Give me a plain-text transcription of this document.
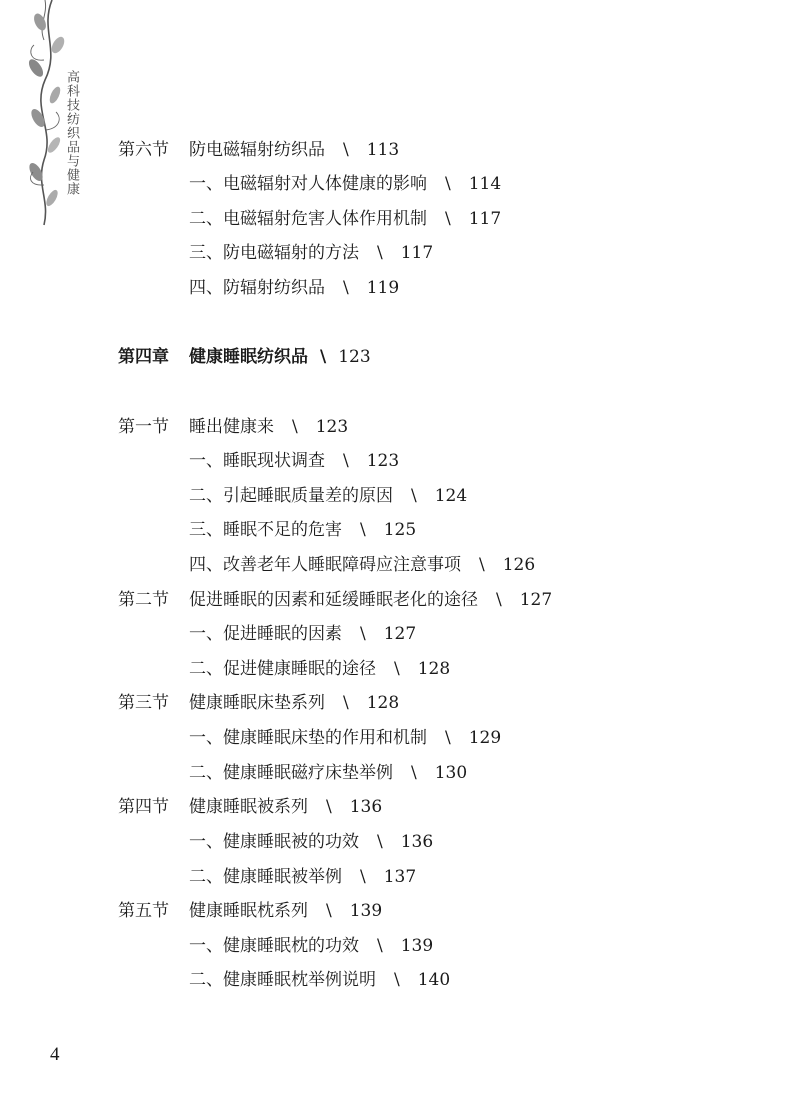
高科技纺织品与健康 第六节 防电磁辐射纺织品 \ 113
一、电磁辐射对人体健康的影响 \ 114
二、电磁辐射危害人体作用机制 \ 117
三、防电磁辐射的方法 \ 117
四、防辐射纺织品 \ 119
第四章 健康睡眠纺织品 \ 123
第一节 睡出健康来 \ 123
一、睡眠现状调查 \ 123
二、引起睡眠质量差的原因 \ 124
三、睡眠不足的危害 \ 125
四、改善老年人睡眠障碍应注意事项 \ 126
第二节 促进睡眠的因素和延缓睡眠老化的途径 \ 127
一、促进睡眠的因素 \ 127
二、促进健康睡眠的途径 \ 128
第三节 健康睡眠床垫系列 \ 128
一、健康睡眠床垫的作用和机制 \ 129
二、健康睡眠磁疗床垫举例 \ 130
第四节 健康睡眠被系列 \ 136
一、健康睡眠被的功效 \ 136
二、健康睡眠被举例 \ 137
第五节 健康睡眠枕系列 \ 139
一、健康睡眠枕的功效 \ 139
二、健康睡眠枕举例说明 \ 140
4
